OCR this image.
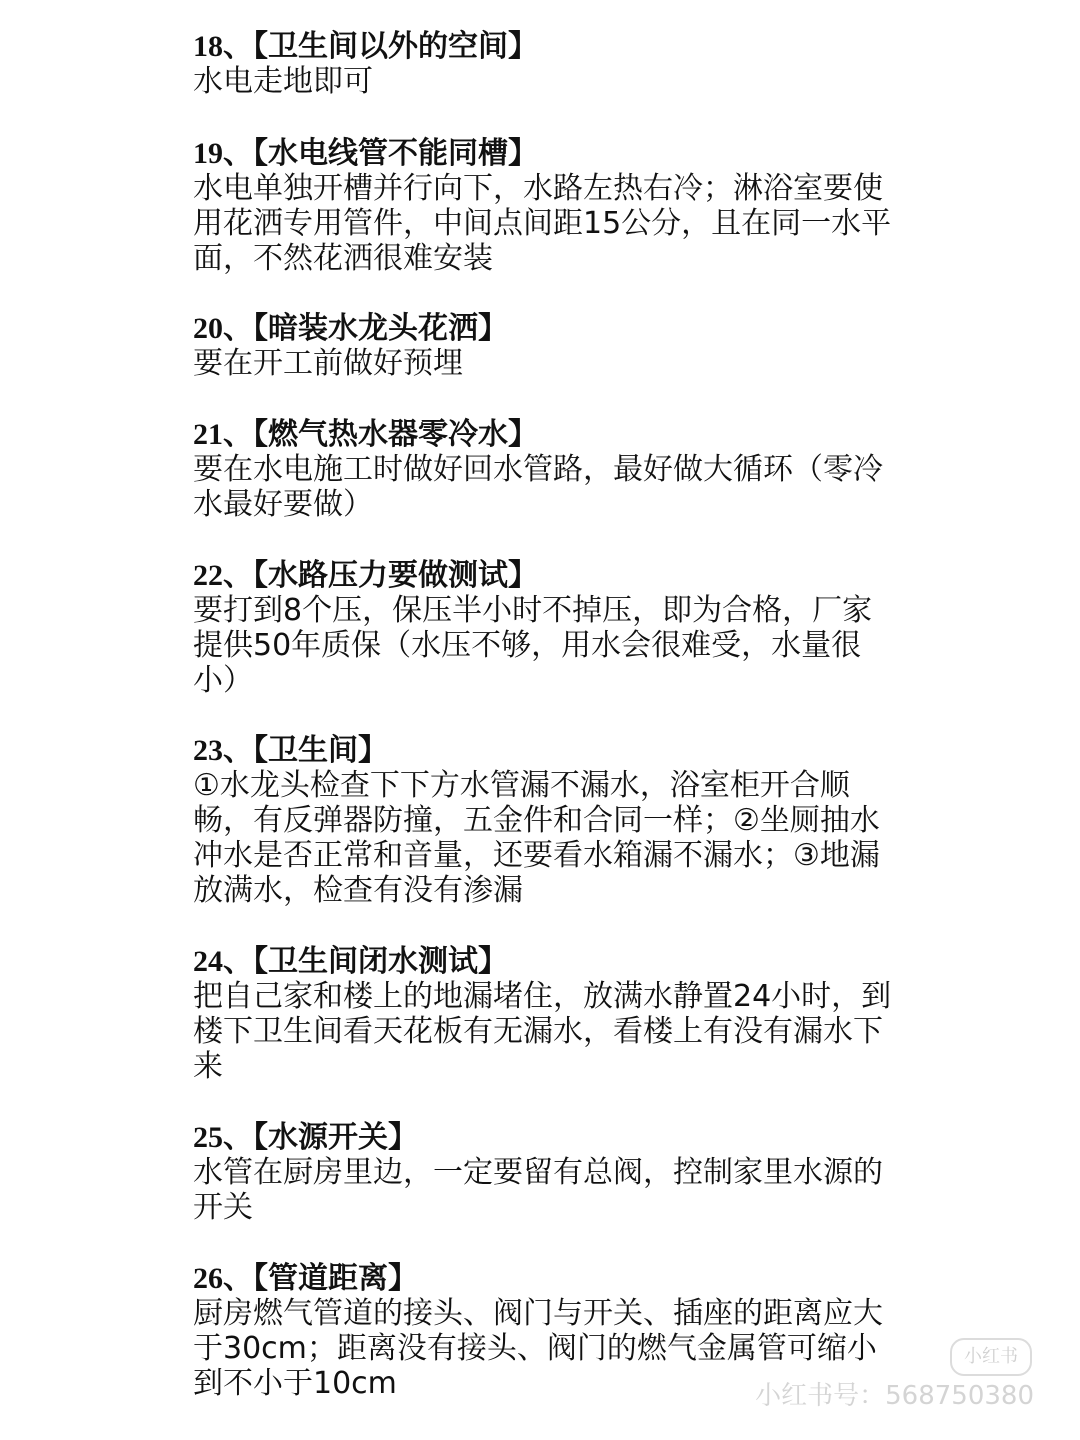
18、【卫生间以外的空间】
水电走地即可
19、【水电线管不能同槽】
水电单独开槽并行向下，水路左热右冷；淋浴室要使
用花洒专用管件，中间点间距15公分，且在同一水平
面，不然花洒很难安装
20、【暗装水龙头花洒】
要在开工前做好预埋
21、【燃气热水器零冷水】
要在水电施工时做好回水管路，最好做大循环（零冷
水最好要做）
22、【水路压力要做测试】
要打到8个压，保压半小时不掉压，即为合格，厂家
提供50年质保（水压不够，用水会很难受，水量很
小）
23、【卫生间】
①水龙头检查下下方水管漏不漏水，浴室柜开合顺
畅，有反弹器防撞，五金件和合同一样；②坐厕抽水
冲水是否正常和音量，还要看水箱漏不漏水；③地漏
放满水，检查有没有渗漏
24、【卫生间闭水测试】
把自己家和楼上的地漏堵住，放满水静置24小时，到
楼下卫生间看天花板有无漏水，看楼上有没有漏水下
来
25、【水源开关】
水管在厨房里边，一定要留有总阀，控制家里水源的
开关
26、【管道距离】
厨房燃气管道的接头、阀门与开关、插座的距离应大
于30cm；距离没有接头、阀门的燃气金属管可缩小
到不小于10cm
小红书
小红书号：568750380
